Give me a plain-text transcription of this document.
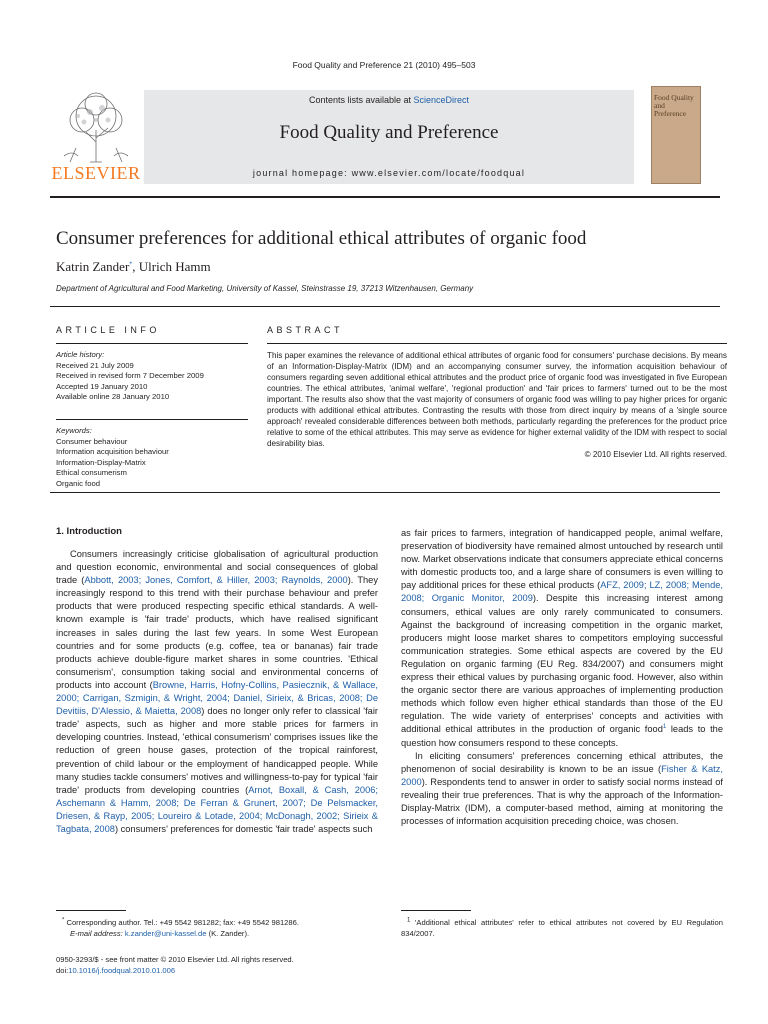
Food Quality and Preference 21 (2010) 495–503
ELSEVIER
Contents lists available at ScienceDirect
Food Quality and Preference
journal homepage: www.elsevier.com/locate/foodqual
Food Quality and Preference
Consumer preferences for additional ethical attributes of organic food
Katrin Zander*, Ulrich Hamm
Department of Agricultural and Food Marketing, University of Kassel, Steinstrasse 19, 37213 Witzenhausen, Germany
ARTICLE INFO	ABSTRACT
Article history:
Received 21 July 2009
Received in revised form 7 December 2009
Accepted 19 January 2010
Available online 28 January 2010
Keywords:
Consumer behaviour
Information acquisition behaviour
Information-Display-Matrix
Ethical consumerism
Organic food
This paper examines the relevance of additional ethical attributes of organic food for consumers' purchase decisions. By means of an Information-Display-Matrix (IDM) and an accompanying consumer survey, the information acquisition behaviour of consumers regarding seven additional ethical attributes and the product price of organic food was investigated in five European countries. The ethical attributes, 'animal welfare', 'regional production' and 'fair prices to farmers' turned out to be the most important. The results also show that the vast majority of consumers of organic food was willing to pay higher prices for organic products with additional ethical attributes. Contrasting the results with those from direct inquiry by means of a 'single source approach' revealed considerable differences between both methods, particularly regarding the preferences for the product price relative to some of the ethical attributes. This may serve as evidence for higher external validity of the IDM with respect to social desirability bias.
© 2010 Elsevier Ltd. All rights reserved.
1. Introduction

Consumers increasingly criticise globalisation of agricultural production and question economic, environmental and social consequences of global trade (Abbott, 2003; Jones, Comfort, & Hiller, 2003; Raynolds, 2000). They increasingly respond to this trend with their purchase behaviour and prefer products that were produced respecting specific ethical standards. A well-known example is 'fair trade' products, which have realised significant increases in sales during the last few years. In some West European countries and for some products (e.g. coffee, tea or bananas) fair trade products achieve double-figure market shares in some countries. 'Ethical consumerism', consumption taking social and environmental concerns of products into account (Browne, Harris, Hofny-Collins, Pasiecznik, & Wallace, 2000; Carrigan, Szmigin, & Wright, 2004; Daniel, Sirieix, & Bricas, 2008; De Devitiis, D'Alessio, & Maietta, 2008) does no longer only refer to classical 'fair trade' aspects, such as higher and more stable prices for farmers in developing countries. Instead, 'ethical consumerism' comprises issues like the reduction of green house gases, protection of the tropical rainforest, prevention of child labour or the employment of handicapped people. While many studies tackle consumers' motives and willingness-to-pay for typical 'fair trade' products from developing countries (Arnot, Boxall, & Cash, 2006; Aschemann & Hamm, 2008; De Ferran & Grunert, 2007; De Pelsmacker, Driesen, & Rayp, 2005; Loureiro & Lotade, 2004; McDonagh, 2002; Sirieix & Tagbata, 2008) consumers' preferences for domestic 'fair trade' aspects such

as fair prices to farmers, integration of handicapped people, animal welfare, preservation of biodiversity have remained almost untouched by research until now. Market observations indicate that consumers appreciate ethical concerns with domestic products too, and a large share of consumers is even willing to pay additional prices for these ethical products (AFZ, 2009; LZ, 2008; Mende, 2008; Organic Monitor, 2009). Despite this increasing interest among consumers, ethical values are only rarely communicated to consumers. Against the background of increasing competition in the organic market, producers might loose market shares to competitors employing successful communication strategies. Some ethical aspects are covered by the EU Regulation on organic farming (EU Reg. 834/2007) and consumers might express their ethical values by purchasing organic food. However, also within the organic sector there are various approaches of implementing production methods which follow even higher ethical standards than those of the EU regulation. The wide variety of enterprises' concepts and activities with additional ethical attributes in the production of organic food$^1$ leads to the question how consumers respond to these concepts.

In eliciting consumers' preferences concerning ethical attributes, the phenomenon of social desirability is known to be an issue (Fisher & Katz, 2000). Respondents tend to answer in order to satisfy social norms instead of revealing their true preferences. That is why the approach of the Information-Display-Matrix (IDM), a computer-based method, aiming at monitoring the processes of information acquisition preceding choice, was chosen.

* Corresponding author. Tel.: +49 5542 981282; fax: +49 5542 981286.
E-mail address: k.zander@uni-kassel.de (K. Zander).
$^1$ 'Additional ethical attributes' refer to ethical attributes not covered by EU Regulation 834/2007.
0950-3293/$ - see front matter © 2010 Elsevier Ltd. All rights reserved.
doi:10.1016/j.foodqual.2010.01.006
